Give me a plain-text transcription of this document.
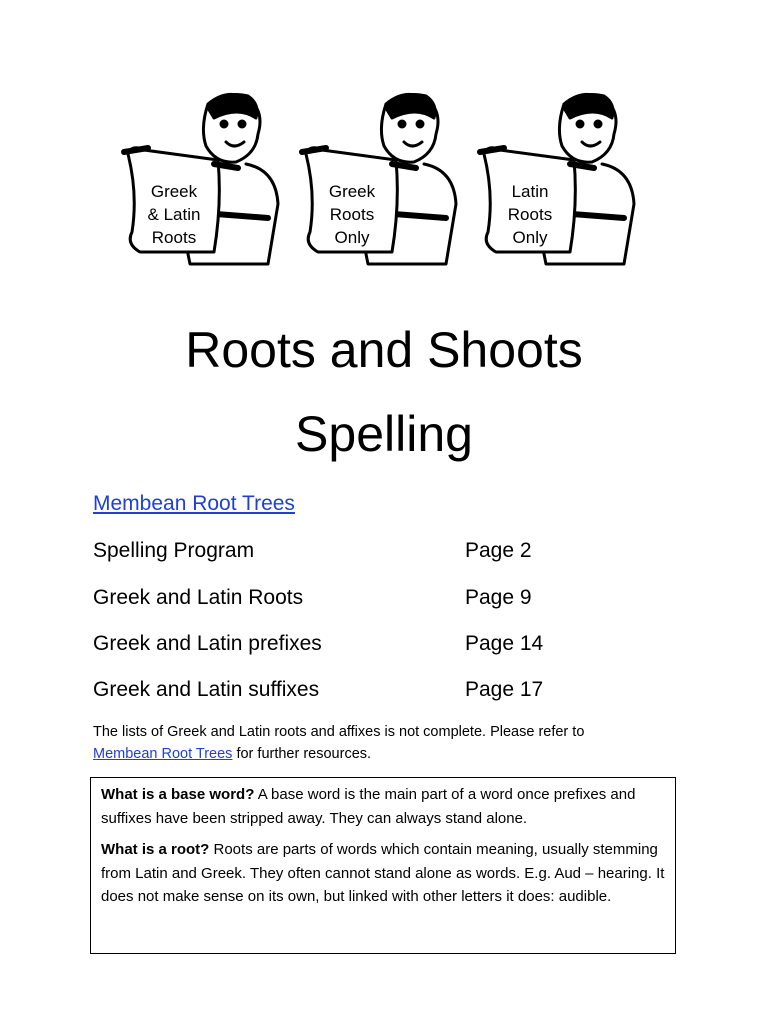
Greek
& Latin
Roots
Greek
Roots
Only
Latin
Roots
Only
Roots and Shoots
Spelling
Membean Root Trees
Spelling Program	Page 2
Greek and Latin Roots	Page 9
Greek and Latin prefixes	Page 14
Greek and Latin suffixes	Page 17
The lists of Greek and Latin roots and affixes is not complete. Please refer to
Membean Root Trees for further resources.

What is a base word? A base word is the main part of a word once prefixes and suffixes have been stripped away. They can always stand alone.

What is a root? Roots are parts of words which contain meaning, usually stemming from Latin and Greek. They often cannot stand alone as words. E.g. Aud – hearing. It does not make sense on its own, but linked with other letters it does: audible.
